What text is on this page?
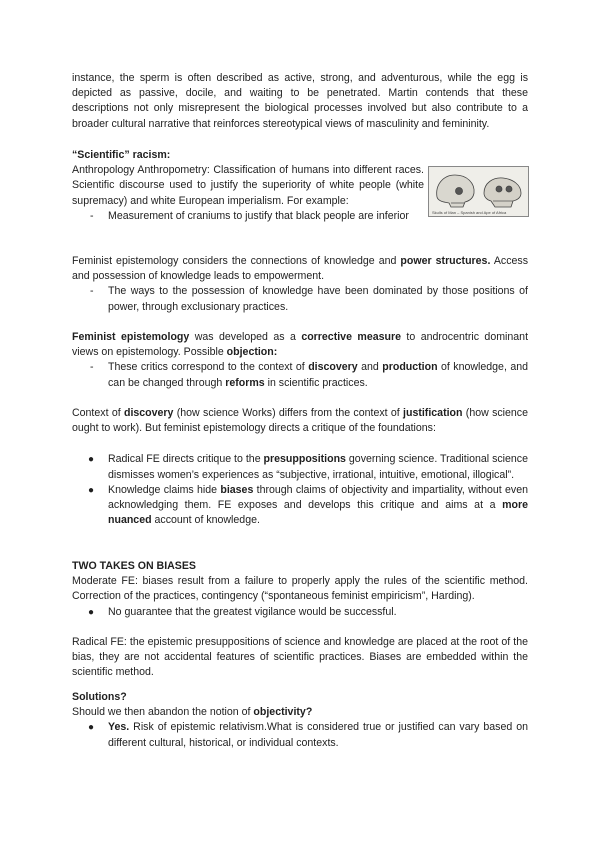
instance, the sperm is often described as active, strong, and adventurous, while the egg is depicted as passive, docile, and waiting to be penetrated. Martin contends that these descriptions not only misrepresent the biological processes involved but also contribute to a broader cultural narrative that reinforces stereotypical views of masculinity and femininity.

“Scientific” racism:

Anthropology Anthropometry: Classification of humans into different races. Scientific discourse used to justify the superiority of white people (white supremacy) and white European imperialism. For example:

- Measurement of craniums to justify that black people are inferior	Skulls of Man – Spanish and Ape of Africa

Feminist epistemology considers the connections of knowledge and power structures. Access and possession of knowledge leads to empowerment.

- The ways to the possession of knowledge have been dominated by those positions of power, through exclusionary practices.

Feminist epistemology was developed as a corrective measure to androcentric dominant views on epistemology. Possible objection:

- These critics correspond to the context of discovery and production of knowledge, and can be changed through reforms in scientific practices.

Context of discovery (how science Works) differs from the context of justification (how science ought to work). But feminist epistemology directs a critique of the foundations:

● Radical FE directs critique to the presuppositions governing science. Traditional science dismisses women’s experiences as “subjective, irrational, intuitive, emotional, illogical”.
● Knowledge claims hide biases through claims of objectivity and impartiality, without even acknowledging them. FE exposes and develops this critique and aims at a more nuanced account of knowledge.

TWO TAKES ON BIASES

Moderate FE: biases result from a failure to properly apply the rules of the scientific method. Correction of the practices, contingency (“spontaneous feminist empiricism”, Harding).

● No guarantee that the greatest vigilance would be successful.

Radical FE: the epistemic presuppositions of science and knowledge are placed at the root of the bias, they are not accidental features of scientific practices. Biases are embedded within the scientific method.

Solutions?

Should we then abandon the notion of objectivity?

● Yes. Risk of epistemic relativism.What is considered true or justified can vary based on different cultural, historical, or individual contexts.
